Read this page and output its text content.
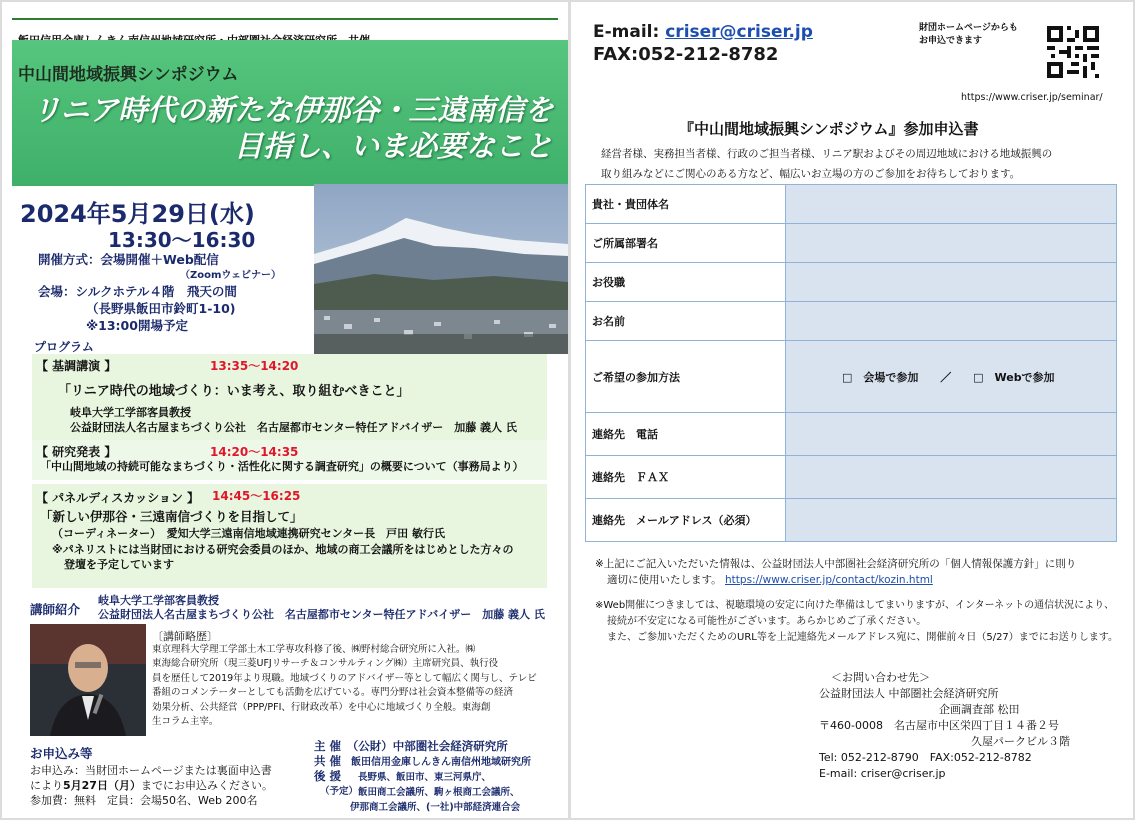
中山間地域振興シンポジウム
リニア時代の新たな伊那谷・三遠南信を
目指し、いま必要なこと
2024年5月29日(水)
13:30〜16:30
開催方式：会場開催＋Web配信
（Zoomウェビナー）
会場：シルクホテル４階　飛天の間
（長野県飯田市鈴町1-10)
※13:00開場予定
プログラム
【 基調講演 】	13:35〜14:20
「リニア時代の地域づくり：いま考え、取り組むべきこと」
岐阜大学工学部客員教授
公益財団法人名古屋まちづくり公社　名古屋都市センター特任アドバイザー　加藤 義人 氏
【 研究発表 】	14:20〜14:35
「中山間地域の持続可能なまちづくり・活性化に関する調査研究」の概要について（事務局より）
【 パネルディスカッション 】 14:45〜16:25
「新しい伊那谷・三遠南信づくりを目指して」
（コーディネーター）　愛知大学三遠南信地域連携研究センター長　戸田 敏行氏
※パネリストには当財団における研究会委員のほか、地域の商工会議所をはじめとした方々の
登壇を予定しています
講師紹介
岐阜大学工学部客員教授
公益財団法人名古屋まちづくり公社　名古屋都市センター特任アドバイザー　加藤 義人 氏
〔講師略歴〕
東京理科大学理工学部土木工学専攻科修了後、㈱野村総合研究所に入社。㈱
東海総合研究所（現三菱UFJリサーチ＆コンサルティング㈱）主席研究員、執行役
員を歴任して2019年より現職。地域づくりのアドバイザー等として幅広く関与し、テレビ
番組のコメンテーターとしても活動を広げている。専門分野は社会資本整備等の経済
効果分析、公共経営（PPP/PFI、行財政改革）を中心に地域づくり全般。東海創
生コラム主宰。
お申込み等
お申込み：当財団ホームページまたは裏面申込書
により5月27日（月）までにお申込みください。
参加費：無料　定員：会場50名、Web 200名
主 催　 （公財）中部圏社会経済研究所
共 催　 飯田信用金庫しんきん南信州地域研究所
後 援
（予定）
長野県、飯田市、東三河県庁、
飯田商工会議所、駒ヶ根商工会議所、
伊那商工会議所、(一社)中部経済連合会
E-mail: criser@criser.jp
FAX:052-212-8782
財団ホームページからも
お申込できます
https://www.criser.jp/seminar/
『中山間地域振興シンポジウム』参加申込書
経営者様、実務担当者様、行政のご担当者様、リニア駅およびその周辺地域における地域振興の
取り組みなどにご関心のある方など、幅広いお立場の方のご参加をお待ちしております。
貴社・貴団体名	
ご所属部署名	
お役職	
お名前	
ご希望の参加方法	□　会場で参加 ／ □　Webで参加
連絡先　電話	
連絡先　ＦＡＸ	
連絡先　メールアドレス（必須）	
※上記にご記入いただいた情報は、公益財団法人中部圏社会経済研究所の「個人情報保護方針」に則り
適切に使用いたします。 https://www.criser.jp/contact/kozin.html
※Web開催につきましては、視聴環境の安定に向けた準備はしてまいりますが、インターネットの通信状況により、
接続が不安定になる可能性がございます。あらかじめご了承ください。
また、ご参加いただくためのURL等を上記連絡先メールアドレス宛に、開催前々日（5/27）までにお送りします。
＜お問い合わせ先＞
公益財団法人 中部圏社会経済研究所
企画調査部 松田
〒460-0008　名古屋市中区栄四丁目１４番２号
久屋パークビル３階
Tel: 052-212-8790　FAX:052-212-8782
E-mail: criser@criser.jp
